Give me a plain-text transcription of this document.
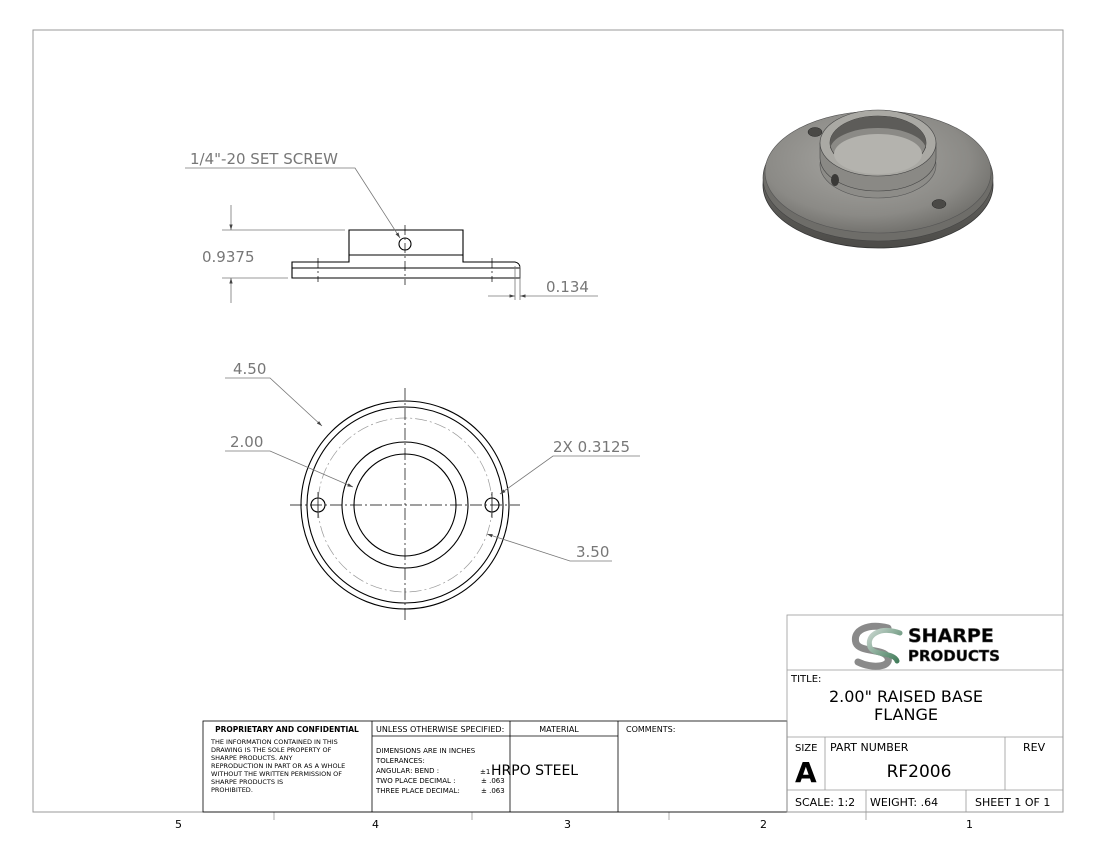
1/4"-20 SET SCREW
0.9375
0.134
4.50
2.00	2X 0.3125
3.50
5	4	3	2	1
PROPRIETARY AND CONFIDENTIAL
THE INFORMATION CONTAINED IN THIS
DRAWING IS THE SOLE PROPERTY OF
SHARPE PRODUCTS. ANY
REPRODUCTION IN PART OR AS A WHOLE
WITHOUT THE WRITTEN PERMISSION OF
SHARPE PRODUCTS IS
PROHIBITED.
UNLESS OTHERWISE SPECIFIED:
DIMENSIONS ARE IN INCHES
TOLERANCES:
ANGULAR: BEND :	±1
TWO PLACE DECIMAL :	± .063
THREE PLACE DECIMAL:	± .063
MATERIAL
HRPO STEEL
COMMENTS:
SHARPE
PRODUCTS
TITLE:
2.00" RAISED BASE
FLANGE
SIZE
A
PART NUMBER
RF2006
REV
SCALE: 1:2 WEIGHT: .64	SHEET 1 OF 1
